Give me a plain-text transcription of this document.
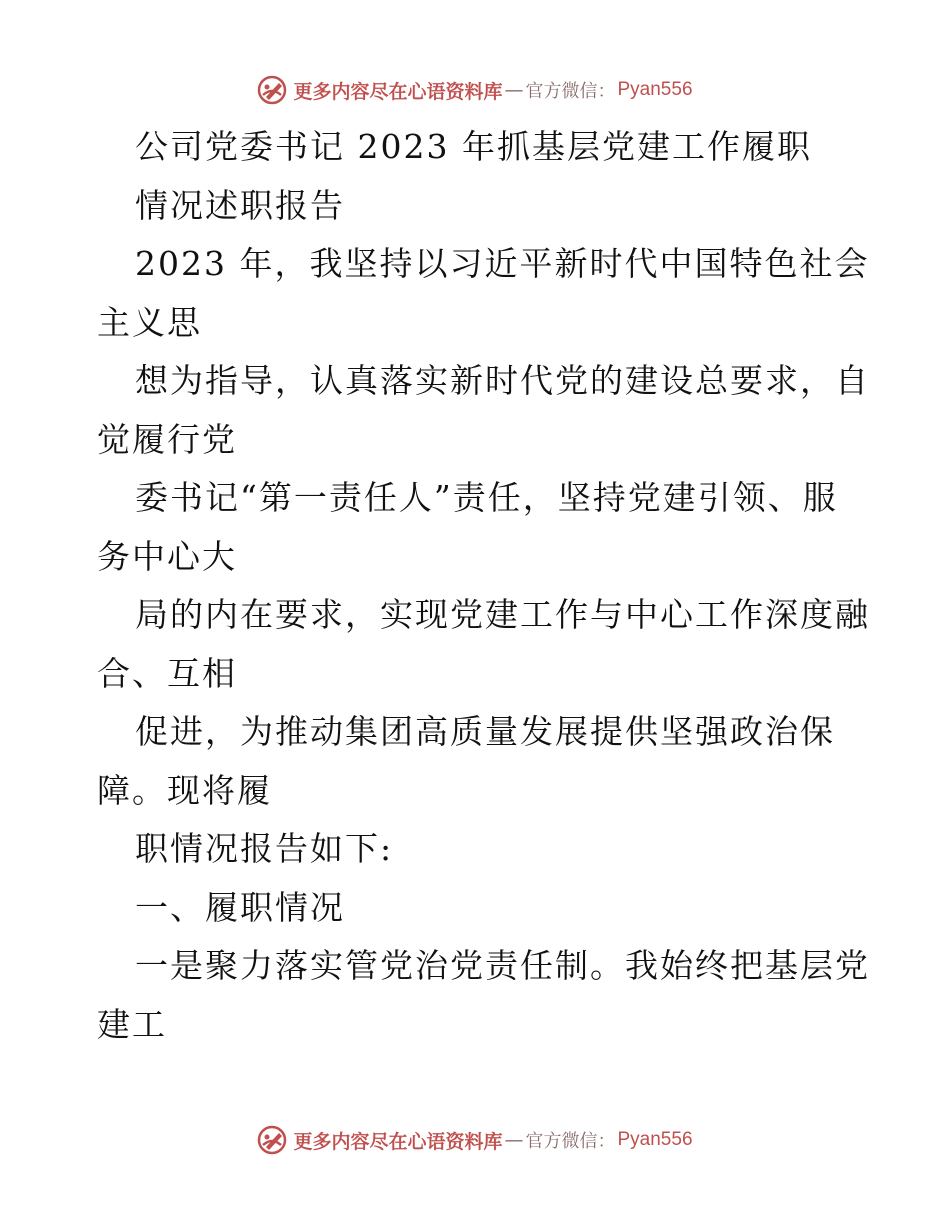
更多内容尽在心语资料库 — 官方微信： Pyan556
公司党委书记 2023 年抓基层党建工作履职
情况述职报告
2023 年，我坚持以习近平新时代中国特色社会
主义思
想为指导，认真落实新时代党的建设总要求，自
觉履行党
委书记“第一责任人”责任，坚持党建引领、服
务中心大
局的内在要求，实现党建工作与中心工作深度融
合、互相
促进，为推动集团高质量发展提供坚强政治保
障。现将履
职情况报告如下:
一、履职情况
一是聚力落实管党治党责任制。我始终把基层党
建工
更多内容尽在心语资料库 — 官方微信： Pyan556
